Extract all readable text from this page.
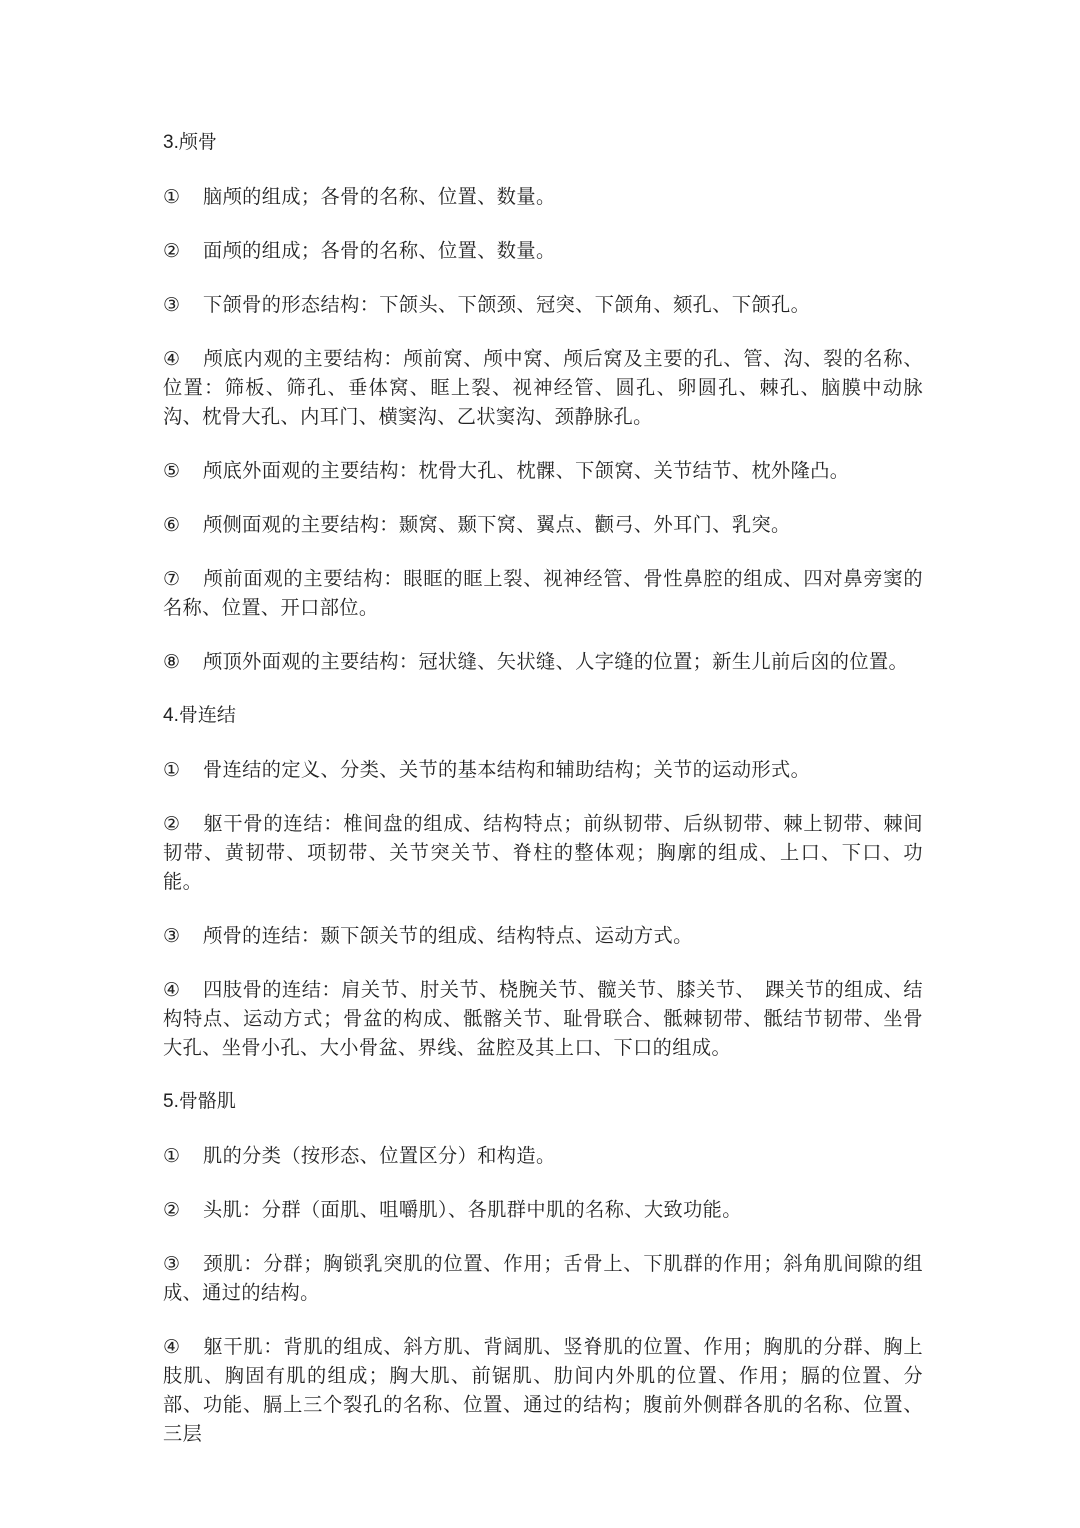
3.颅骨
① 脑颅的组成；各骨的名称、位置、数量。
② 面颅的组成；各骨的名称、位置、数量。
③ 下颌骨的形态结构：下颌头、下颌颈、冠突、下颌角、颏孔、下颌孔。
④ 颅底内观的主要结构：颅前窝、颅中窝、颅后窝及主要的孔、管、沟、裂的名称、位置：筛板、筛孔、垂体窝、眶上裂、视神经管、圆孔、卵圆孔、棘孔、脑膜中动脉沟、枕骨大孔、内耳门、横窦沟、乙状窦沟、颈静脉孔。
⑤ 颅底外面观的主要结构：枕骨大孔、枕髁、下颌窝、关节结节、枕外隆凸。
⑥ 颅侧面观的主要结构：颞窝、颞下窝、翼点、颧弓、外耳门、乳突。
⑦ 颅前面观的主要结构：眼眶的眶上裂、视神经管、骨性鼻腔的组成、四对鼻旁窦的名称、位置、开口部位。
⑧ 颅顶外面观的主要结构：冠状缝、矢状缝、人字缝的位置；新生儿前后囟的位置。
4.骨连结
① 骨连结的定义、分类、关节的基本结构和辅助结构；关节的运动形式。
② 躯干骨的连结：椎间盘的组成、结构特点；前纵韧带、后纵韧带、棘上韧带、棘间韧带、黄韧带、项韧带、关节突关节、脊柱的整体观；胸廓的组成、上口、下口、功能。
③ 颅骨的连结：颞下颌关节的组成、结构特点、运动方式。
④ 四肢骨的连结：肩关节、肘关节、桡腕关节、髋关节、膝关节、　踝关节的组成、结构特点、运动方式；骨盆的构成、骶髂关节、耻骨联合、骶棘韧带、骶结节韧带、坐骨大孔、坐骨小孔、大小骨盆、界线、盆腔及其上口、下口的组成。
5.骨骼肌
① 肌的分类（按形态、位置区分）和构造。
② 头肌：分群（面肌、咀嚼肌）、各肌群中肌的名称、大致功能。
③ 颈肌：分群；胸锁乳突肌的位置、作用；舌骨上、下肌群的作用；斜角肌间隙的组成、通过的结构。
④ 躯干肌：背肌的组成、斜方肌、背阔肌、竖脊肌的位置、作用；胸肌的分群、胸上肢肌、胸固有肌的组成；胸大肌、前锯肌、肋间内外肌的位置、作用；膈的位置、分部、功能、膈上三个裂孔的名称、位置、通过的结构；腹前外侧群各肌的名称、位置、三层
